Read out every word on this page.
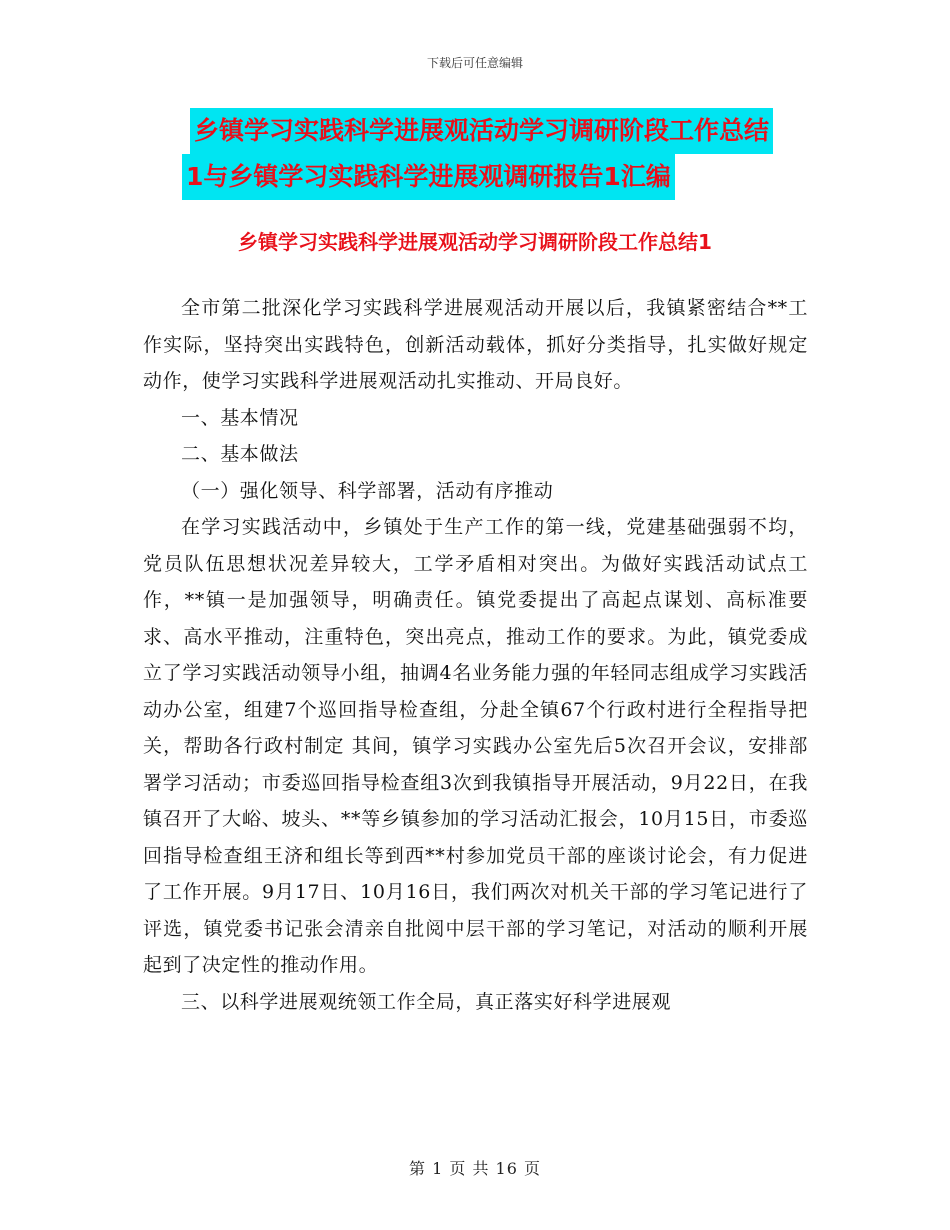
下载后可任意编辑
乡镇学习实践科学进展观活动学习调研阶段工作总结
1与乡镇学习实践科学进展观调研报告1汇编
乡镇学习实践科学进展观活动学习调研阶段工作总结1

全市第二批深化学习实践科学进展观活动开展以后，我镇紧密结合**工作实际，坚持突出实践特色，创新活动载体，抓好分类指导，扎实做好规定动作，使学习实践科学进展观活动扎实推动、开局良好。

一、基本情况

二、基本做法

（一）强化领导、科学部署，活动有序推动

在学习实践活动中，乡镇处于生产工作的第一线，党建基础强弱不均，党员队伍思想状况差异较大，工学矛盾相对突出。为做好实践活动试点工作，**镇一是加强领导，明确责任。镇党委提出了高起点谋划、高标准要求、高水平推动，注重特色，突出亮点，推动工作的要求。为此，镇党委成立了学习实践活动领导小组，抽调4名业务能力强的年轻同志组成学习实践活动办公室，组建7个巡回指导检查组，分赴全镇67个行政村进行全程指导把关，帮助各行政村制定 其间，镇学习实践办公室先后5次召开会议，安排部署学习活动；市委巡回指导检查组3次到我镇指导开展活动，9月22日，在我镇召开了大峪、坡头、**等乡镇参加的学习活动汇报会，10月15日，市委巡回指导检查组王济和组长等到西**村参加党员干部的座谈讨论会，有力促进了工作开展。9月17日、10月16日，我们两次对机关干部的学习笔记进行了评选，镇党委书记张会清亲自批阅中层干部的学习笔记，对活动的顺利开展起到了决定性的推动作用。

三、以科学进展观统领工作全局，真正落实好科学进展观

第 1 页 共 16 页
